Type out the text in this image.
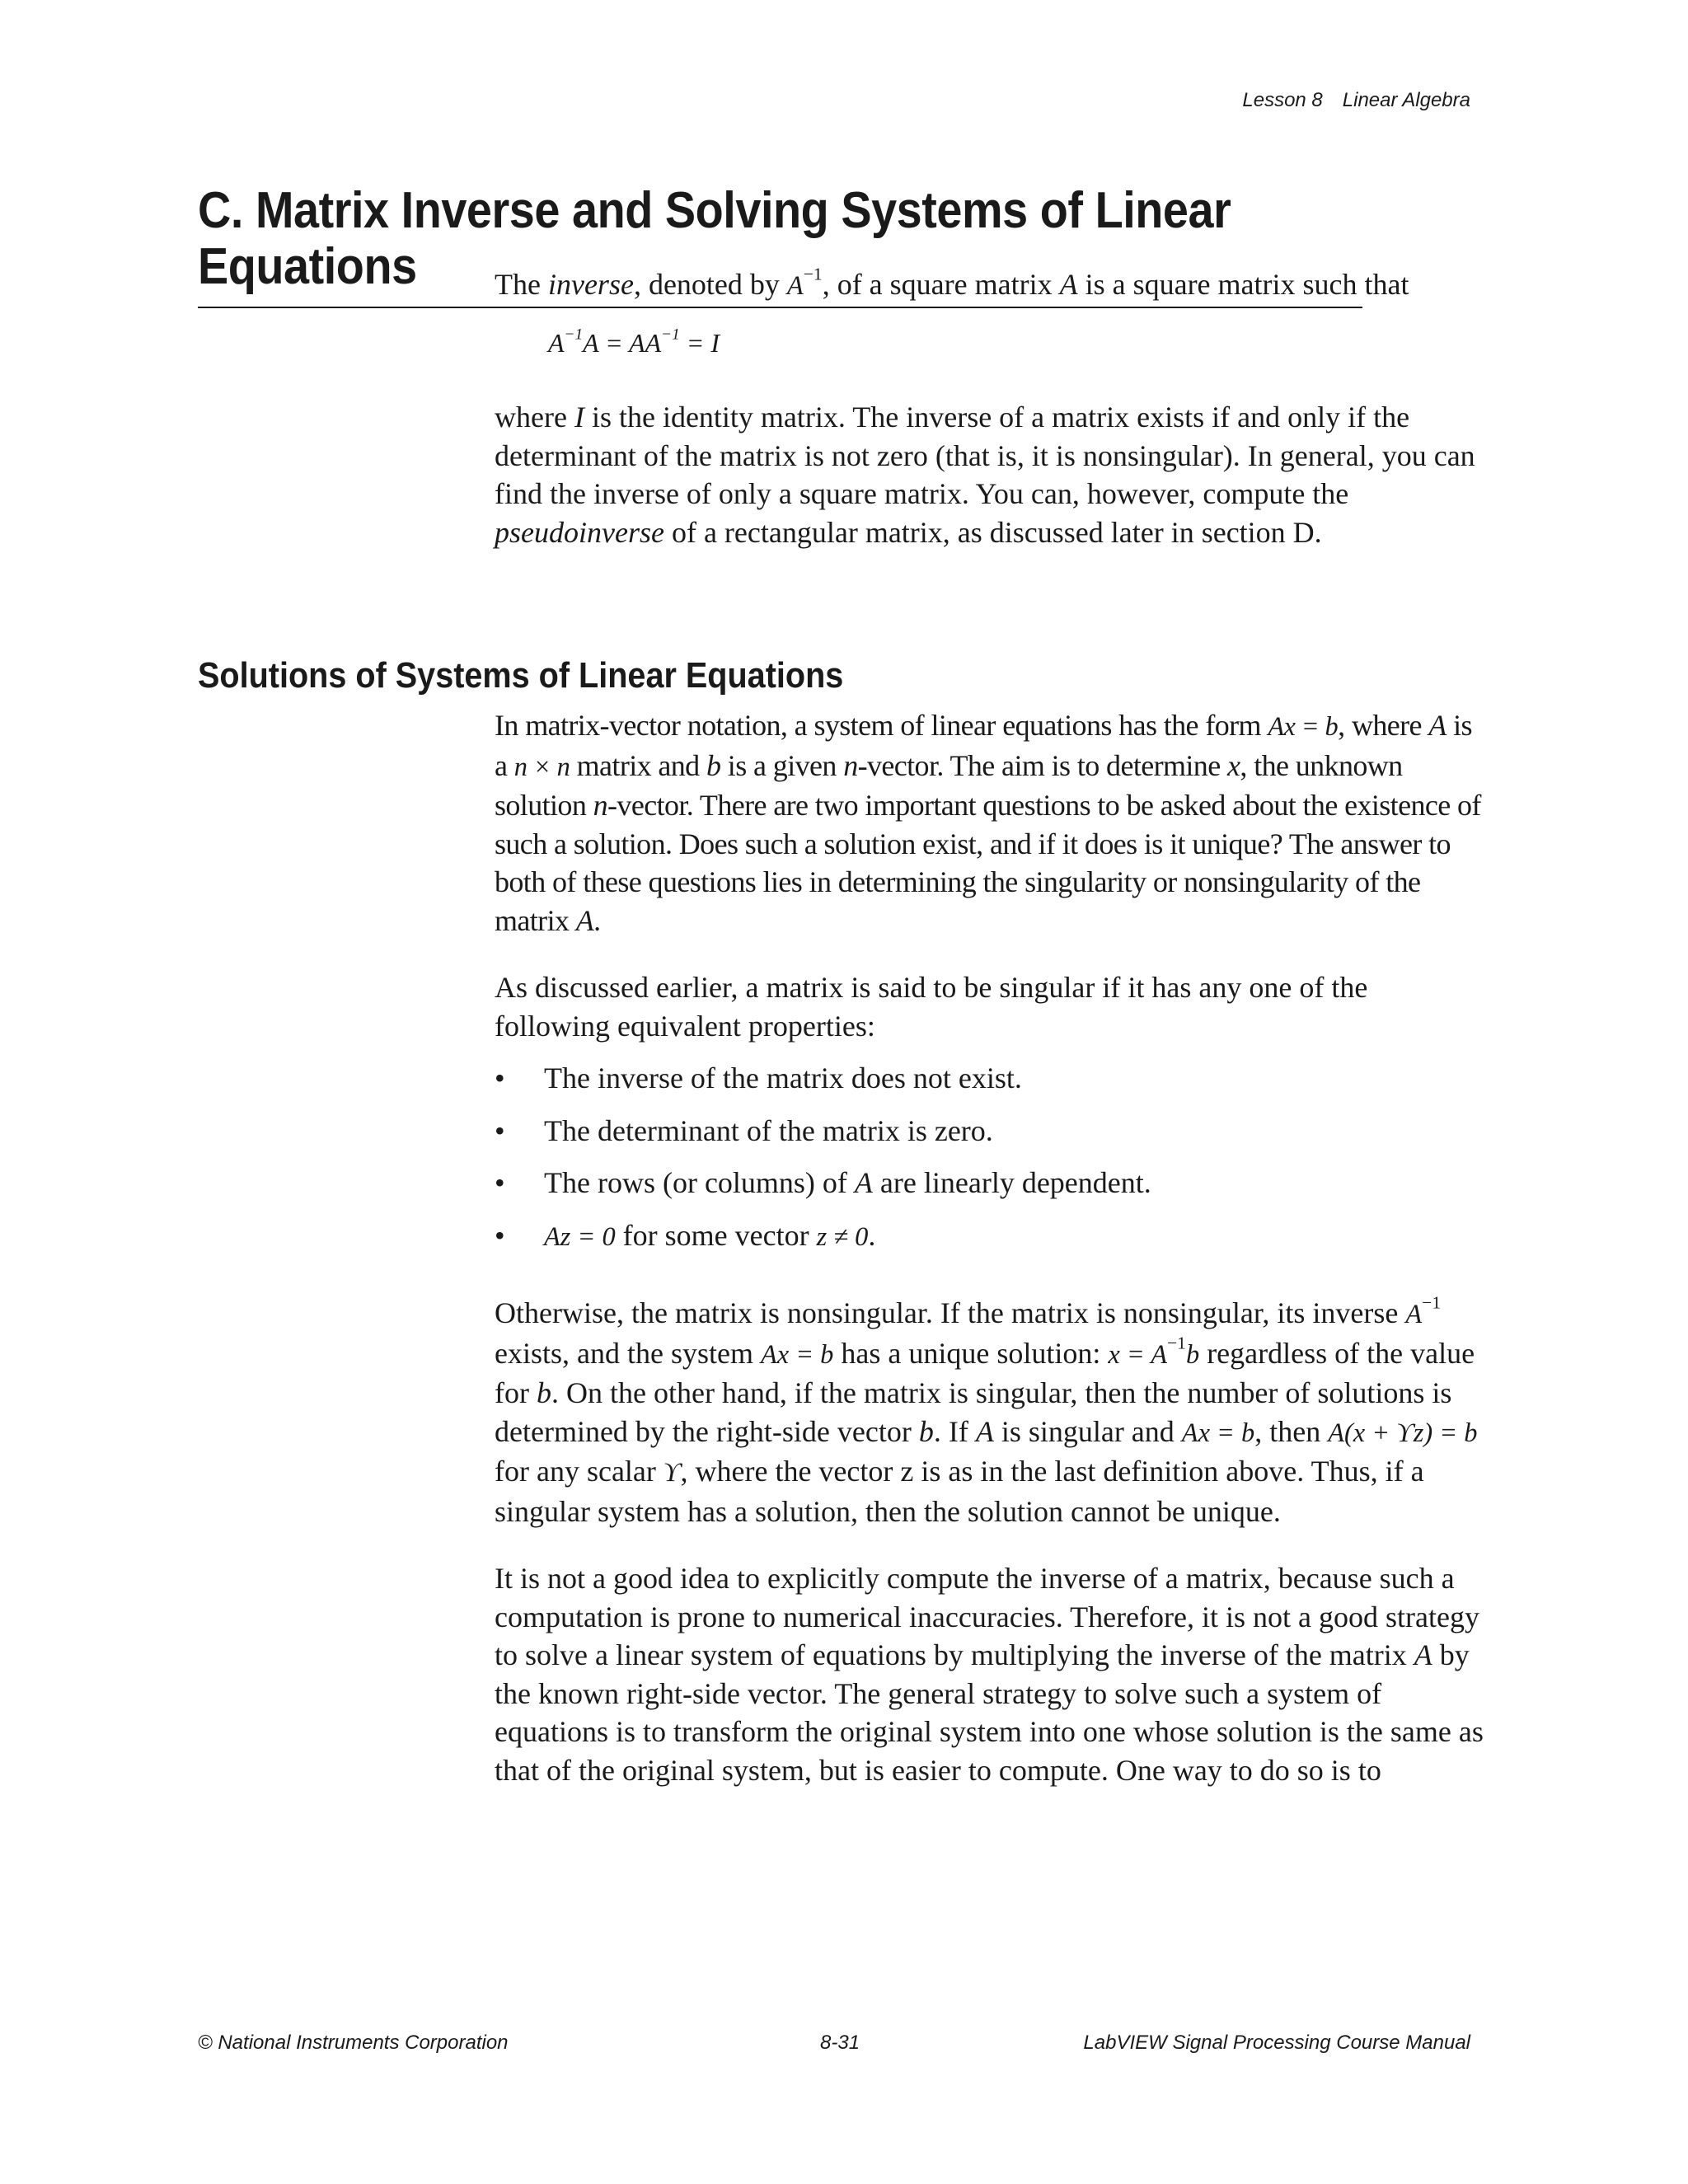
Lesson 8 Linear Algebra
C. Matrix Inverse and Solving Systems of Linear Equations	The inverse, denoted by $A^{-1}$, of a square matrix A is a square matrix such that

$A^{-1}A = AA^{-1} = I$

where I is the identity matrix. The inverse of a matrix exists if and only if the determinant of the matrix is not zero (that is, it is nonsingular). In general, you can find the inverse of only a square matrix. You can, however, compute the pseudoinverse of a rectangular matrix, as discussed later in section D.

Solutions of Systems of Linear Equations

In matrix-vector notation, a system of linear equations has the form Ax = b, where A is a n × n matrix and b is a given n-vector. The aim is to determine x, the unknown solution n-vector. There are two important questions to be asked about the existence of such a solution. Does such a solution exist, and if it does is it unique? The answer to both of these questions lies in determining the singularity or nonsingularity of the matrix A.

As discussed earlier, a matrix is said to be singular if it has any one of the following equivalent properties:

• The inverse of the matrix does not exist.
• The determinant of the matrix is zero.
• The rows (or columns) of A are linearly dependent.
• Az = 0 for some vector z ≠ 0.

Otherwise, the matrix is nonsingular. If the matrix is nonsingular, its inverse $A^{-1}$ exists, and the system Ax = b has a unique solution: $x = A^{-1}b$ regardless of the value for b. On the other hand, if the matrix is singular, then the number of solutions is determined by the right-side vector b. If A is singular and Ax = b, then A(x + ϒz) = b for any scalar ϒ, where the vector z is as in the last definition above. Thus, if a singular system has a solution, then the solution cannot be unique.

It is not a good idea to explicitly compute the inverse of a matrix, because such a computation is prone to numerical inaccuracies. Therefore, it is not a good strategy to solve a linear system of equations by multiplying the inverse of the matrix A by the known right-side vector. The general strategy to solve such a system of equations is to transform the original system into one whose solution is the same as that of the original system, but is easier to compute. One way to do so is to

© National Instruments Corporation	8-31	LabVIEW Signal Processing Course Manual
